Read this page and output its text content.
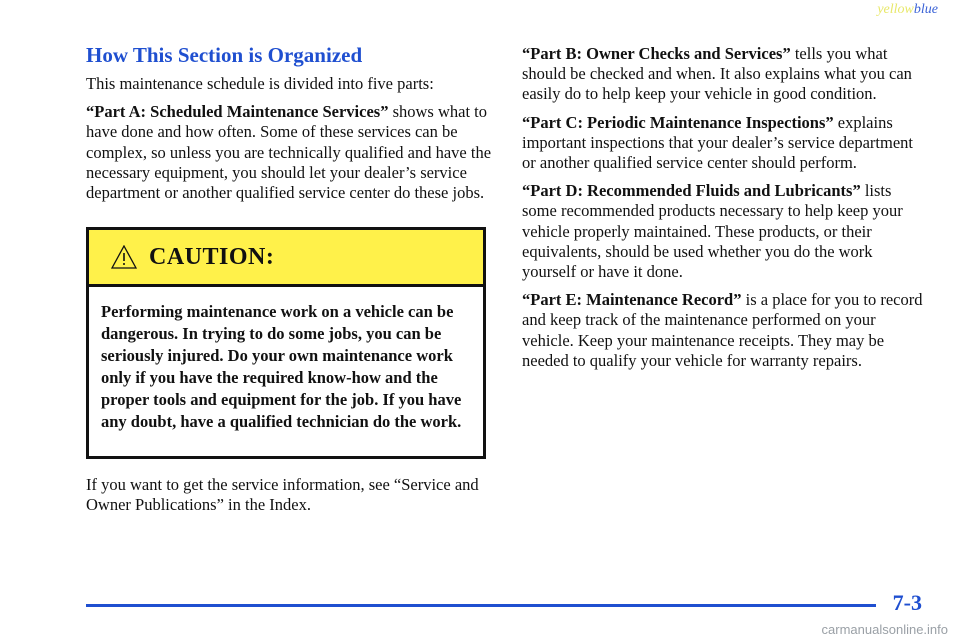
yellowblue
How This Section is Organized

This maintenance schedule is divided into five parts:

“Part A: Scheduled Maintenance Services” shows what to have done and how often. Some of these services can be complex, so unless you are technically qualified and have the necessary equipment, you should let your dealer’s service department or another qualified service center do these jobs.

CAUTION:
Performing maintenance work on a vehicle can be dangerous. In trying to do some jobs, you can be seriously injured. Do your own maintenance work only if you have the required know-how and the proper tools and equipment for the job. If you have any doubt, have a qualified technician do the work.

If you want to get the service information, see “Service and Owner Publications” in the Index.

“Part B: Owner Checks and Services” tells you what should be checked and when. It also explains what you can easily do to help keep your vehicle in good condition.

“Part C: Periodic Maintenance Inspections” explains important inspections that your dealer’s service department or another qualified service center should perform.

“Part D: Recommended Fluids and Lubricants” lists some recommended products necessary to help keep your vehicle properly maintained. These products, or their equivalents, should be used whether you do the work yourself or have it done.

“Part E: Maintenance Record” is a place for you to record and keep track of the maintenance performed on your vehicle. Keep your maintenance receipts. They may be needed to qualify your vehicle for warranty repairs.

7-3
carmanualsonline.info
